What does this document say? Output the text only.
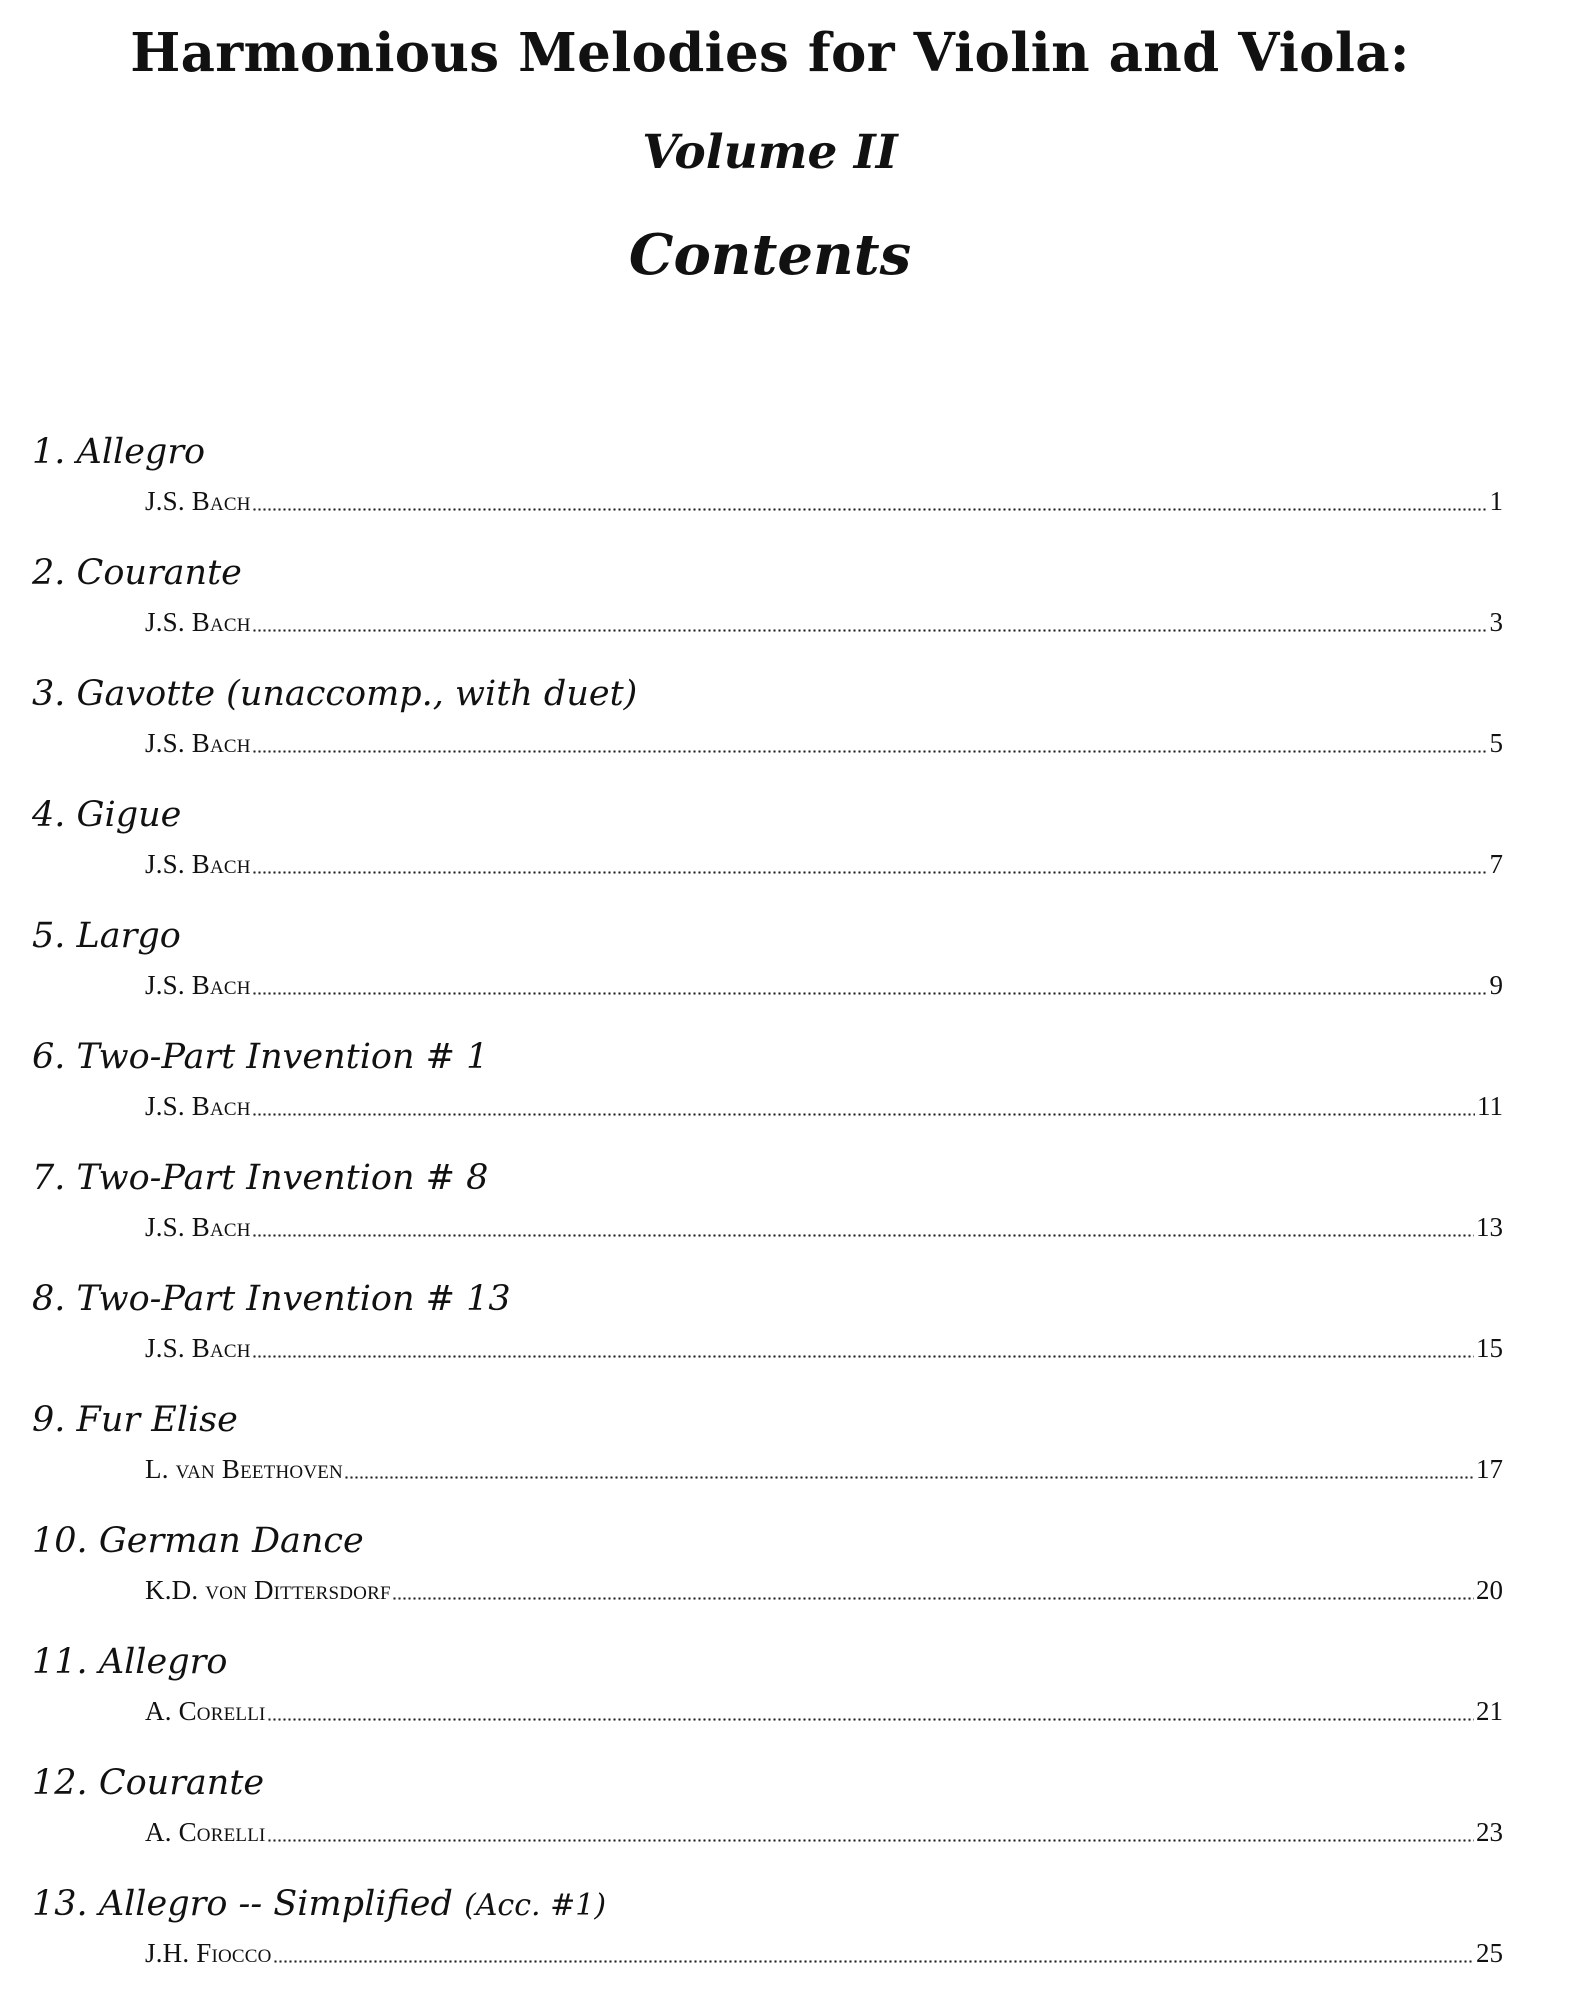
Harmonious Melodies for Violin and Viola:
Volume II
Contents
1. Allegro
J.S. Bach	1
2. Courante
J.S. Bach	3
3. Gavotte (unaccomp., with duet)
J.S. Bach	5
4. Gigue
J.S. Bach	7
5. Largo
J.S. Bach	9
6. Two-Part Invention # 1
J.S. Bach	11
7. Two-Part Invention # 8
J.S. Bach	13
8. Two-Part Invention # 13
J.S. Bach	15
9. Fur Elise
L. van Beethoven	17
10. German Dance
K.D. von Dittersdorf	20
11. Allegro
A. Corelli	21
12. Courante
A. Corelli	23
13. Allegro -- Simplified (Acc. #1)
J.H. Fiocco	25
